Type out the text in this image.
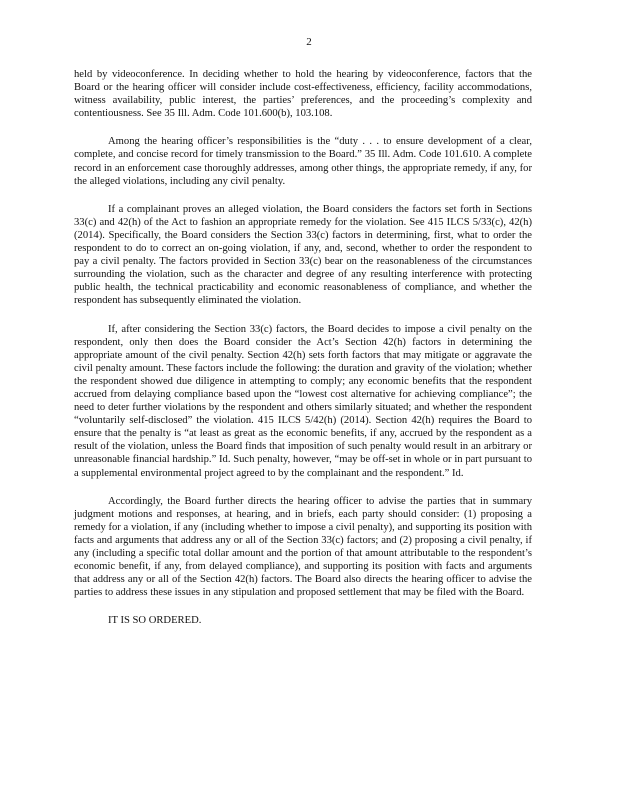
2

held by videoconference. In deciding whether to hold the hearing by videoconference, factors that the Board or the hearing officer will consider include cost-effectiveness, efficiency, facility accommodations, witness availability, public interest, the parties’ preferences, and the proceeding’s complexity and contentiousness. See 35 Ill. Adm. Code 101.600(b), 103.108.

Among the hearing officer’s responsibilities is the “duty . . . to ensure development of a clear, complete, and concise record for timely transmission to the Board.” 35 Ill. Adm. Code 101.610. A complete record in an enforcement case thoroughly addresses, among other things, the appropriate remedy, if any, for the alleged violations, including any civil penalty.

If a complainant proves an alleged violation, the Board considers the factors set forth in Sections 33(c) and 42(h) of the Act to fashion an appropriate remedy for the violation. See 415 ILCS 5/33(c), 42(h) (2014). Specifically, the Board considers the Section 33(c) factors in determining, first, what to order the respondent to do to correct an on-going violation, if any, and, second, whether to order the respondent to pay a civil penalty. The factors provided in Section 33(c) bear on the reasonableness of the circumstances surrounding the violation, such as the character and degree of any resulting interference with protecting public health, the technical practicability and economic reasonableness of compliance, and whether the respondent has subsequently eliminated the violation.

If, after considering the Section 33(c) factors, the Board decides to impose a civil penalty on the respondent, only then does the Board consider the Act’s Section 42(h) factors in determining the appropriate amount of the civil penalty. Section 42(h) sets forth factors that may mitigate or aggravate the civil penalty amount. These factors include the following: the duration and gravity of the violation; whether the respondent showed due diligence in attempting to comply; any economic benefits that the respondent accrued from delaying compliance based upon the “lowest cost alternative for achieving compliance”; the need to deter further violations by the respondent and others similarly situated; and whether the respondent “voluntarily self-disclosed” the violation. 415 ILCS 5/42(h) (2014). Section 42(h) requires the Board to ensure that the penalty is “at least as great as the economic benefits, if any, accrued by the respondent as a result of the violation, unless the Board finds that imposition of such penalty would result in an arbitrary or unreasonable financial hardship.” Id. Such penalty, however, “may be off-set in whole or in part pursuant to a supplemental environmental project agreed to by the complainant and the respondent.” Id.

Accordingly, the Board further directs the hearing officer to advise the parties that in summary judgment motions and responses, at hearing, and in briefs, each party should consider: (1) proposing a remedy for a violation, if any (including whether to impose a civil penalty), and supporting its position with facts and arguments that address any or all of the Section 33(c) factors; and (2) proposing a civil penalty, if any (including a specific total dollar amount and the portion of that amount attributable to the respondent’s economic benefit, if any, from delayed compliance), and supporting its position with facts and arguments that address any or all of the Section 42(h) factors. The Board also directs the hearing officer to advise the parties to address these issues in any stipulation and proposed settlement that may be filed with the Board.

IT IS SO ORDERED.
